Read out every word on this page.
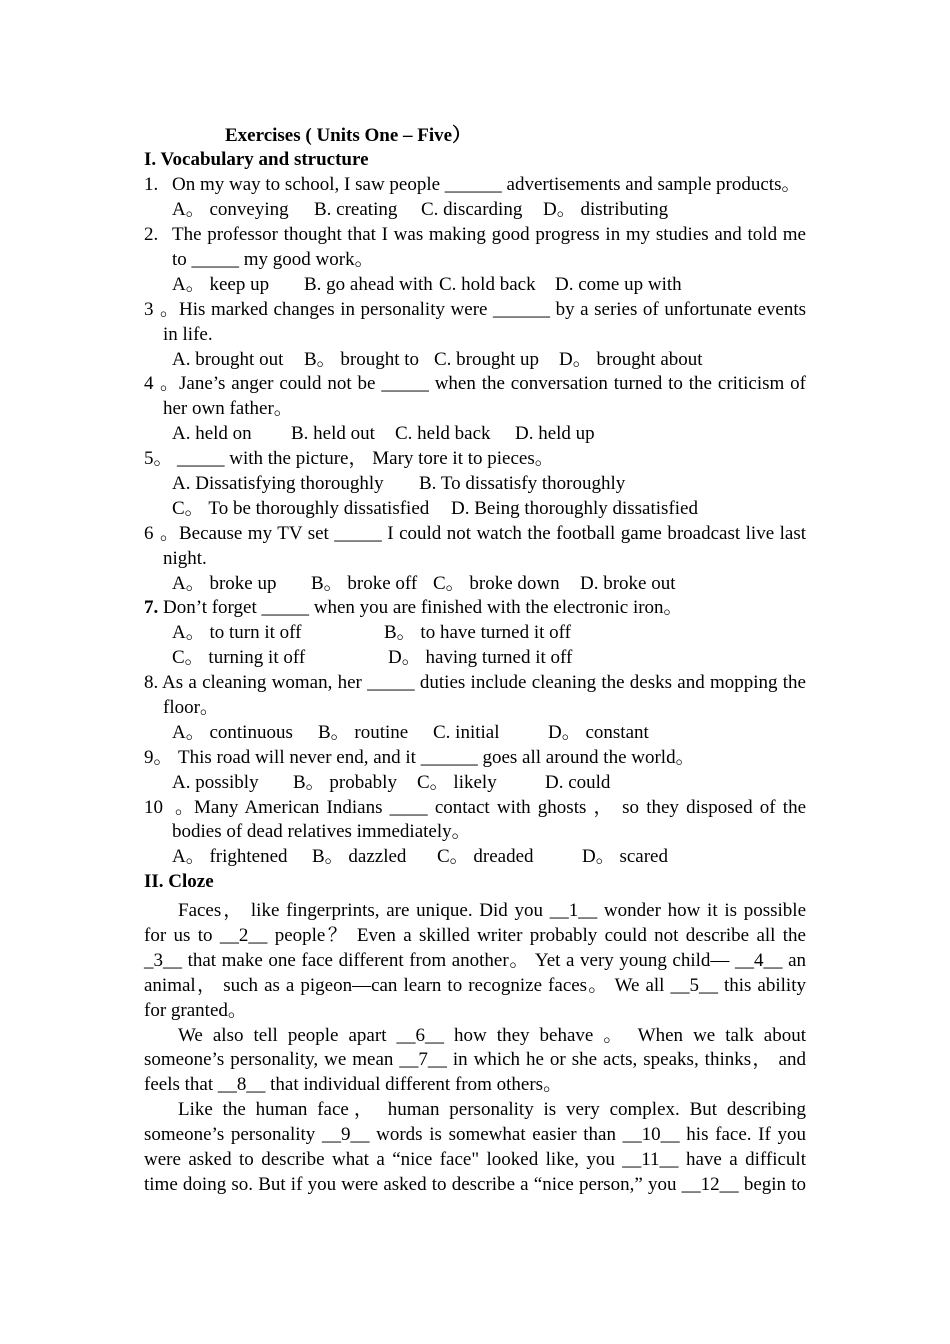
Exercises ( Units One – Five）
I. Vocabulary and structure
1. On my way to school, I saw people ______ advertisements and sample products。
A。 conveying B. creating C. discarding D。 distributing
2. The professor thought that I was making good progress in my studies and told me
to _____ my good work。
A。 keep up B. go ahead with C. hold back D. come up with
3。His marked changes in personality were ______ by a series of unfortunate events
in life.
A. brought out B。 brought to C. brought up D。 brought about
4。Jane’s anger could not be _____ when the conversation turned to the criticism of
her own father。
A. held on B. held out C. held back D. held up
5。 _____ with the picture， Mary tore it to pieces。
A. Dissatisfying thoroughly B. To dissatisfy thoroughly
C。 To be thoroughly dissatisfied D. Being thoroughly dissatisfied
6。Because my TV set _____ I could not watch the football game broadcast live last
night.
A。 broke up B。 broke off C。 broke down D. broke out
7. Don’t forget _____ when you are finished with the electronic iron。
A。 to turn it off	B。 to have turned it off
C。 turning it off	D。 having turned it off
8. As a cleaning woman, her _____ duties include cleaning the desks and mopping the
floor。
A。 continuous B。 routine C. initial	D。 constant
9。 This road will never end, and it ______ goes all around the world。
A. possibly B。 probably C。 likely	D. could
10 。Many American Indians ____ contact with ghosts ， so they disposed of the
bodies of dead relatives immediately。
A。 frightened B。 dazzled C。 dreaded	D。 scared
II. Cloze
Faces， like fingerprints, are unique. Did you __1__ wonder how it is possible
for us to __2__ people？ Even a skilled writer probably could not describe all the
_3__ that make one face different from another。 Yet a very young child— __4__ an
animal， such as a pigeon—can learn to recognize faces。 We all __5__ this ability
for granted。
We also tell people apart __6__ how they behave 。 When we talk about
someone’s personality, we mean __7__ in which he or she acts, speaks, thinks， and
feels that __8__ that individual different from others。
Like the human face， human personality is very complex. But describing
someone’s personality __9__ words is somewhat easier than __10__ his face. If you
were asked to describe what a “nice face" looked like, you __11__ have a difficult
time doing so. But if you were asked to describe a “nice person,” you __12__ begin to
